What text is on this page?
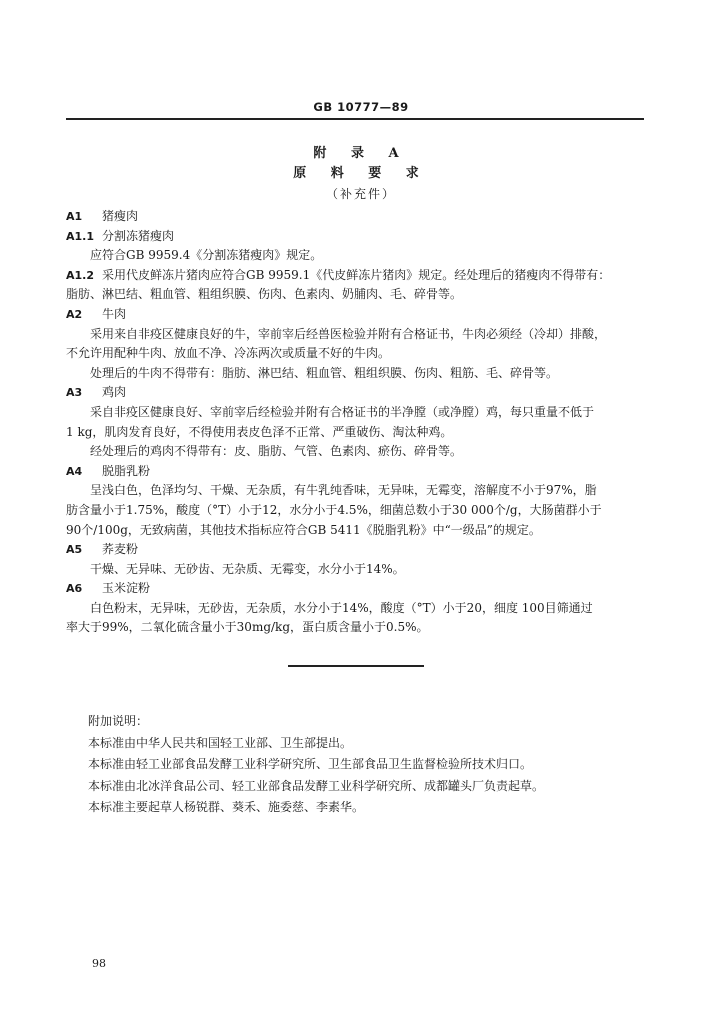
GB 10777—89
附 录 A
原 料 要 求
（补充件）
A1 猪瘦肉
A1.1 分割冻猪瘦肉
应符合GB 9959.4《分割冻猪瘦肉》规定。
A1.2 采用代皮鲜冻片猪肉应符合GB 9959.1《代皮鲜冻片猪肉》规定。经处理后的猪瘦肉不得带有：
脂肪、淋巴结、粗血管、粗组织膜、伤肉、色素肉、奶脯肉、毛、碎骨等。
A2 牛肉
采用来自非疫区健康良好的牛，宰前宰后经兽医检验并附有合格证书，牛肉必须经（冷却）排酸，
不允许用配种牛肉、放血不净、冷冻两次或质量不好的牛肉。
处理后的牛肉不得带有：脂肪、淋巴结、粗血管、粗组织膜、伤肉、粗筋、毛、碎骨等。
A3 鸡肉
采自非疫区健康良好、宰前宰后经检验并附有合格证书的半净膛（或净膛）鸡，每只重量不低于
1 kg，肌肉发育良好，不得使用表皮色泽不正常、严重破伤、淘汰种鸡。
经处理后的鸡肉不得带有：皮、脂肪、气管、色素肉、瘀伤、碎骨等。
A4 脱脂乳粉
呈浅白色，色泽均匀、干燥、无杂质，有牛乳纯香味，无异味，无霉变，溶解度不小于97%，脂
肪含量小于1.75%，酸度（°T）小于12，水分小于4.5%，细菌总数小于30 000个/g，大肠菌群小于
90个/100g，无致病菌，其他技术指标应符合GB 5411《脱脂乳粉》中“一级品”的规定。
A5 荞麦粉
干燥、无异味、无砂齿、无杂质、无霉变，水分小于14%。
A6 玉米淀粉
白色粉末，无异味，无砂齿，无杂质，水分小于14%，酸度（°T）小于20，细度 100目筛通过
率大于99%，二氧化硫含量小于30mg/kg，蛋白质含量小于0.5%。
附加说明：
本标准由中华人民共和国轻工业部、卫生部提出。
本标准由轻工业部食品发酵工业科学研究所、卫生部食品卫生监督检验所技术归口。
本标准由北冰洋食品公司、轻工业部食品发酵工业科学研究所、成都罐头厂负责起草。
本标准主要起草人杨锐群、葵禾、施委慈、李素华。
98
